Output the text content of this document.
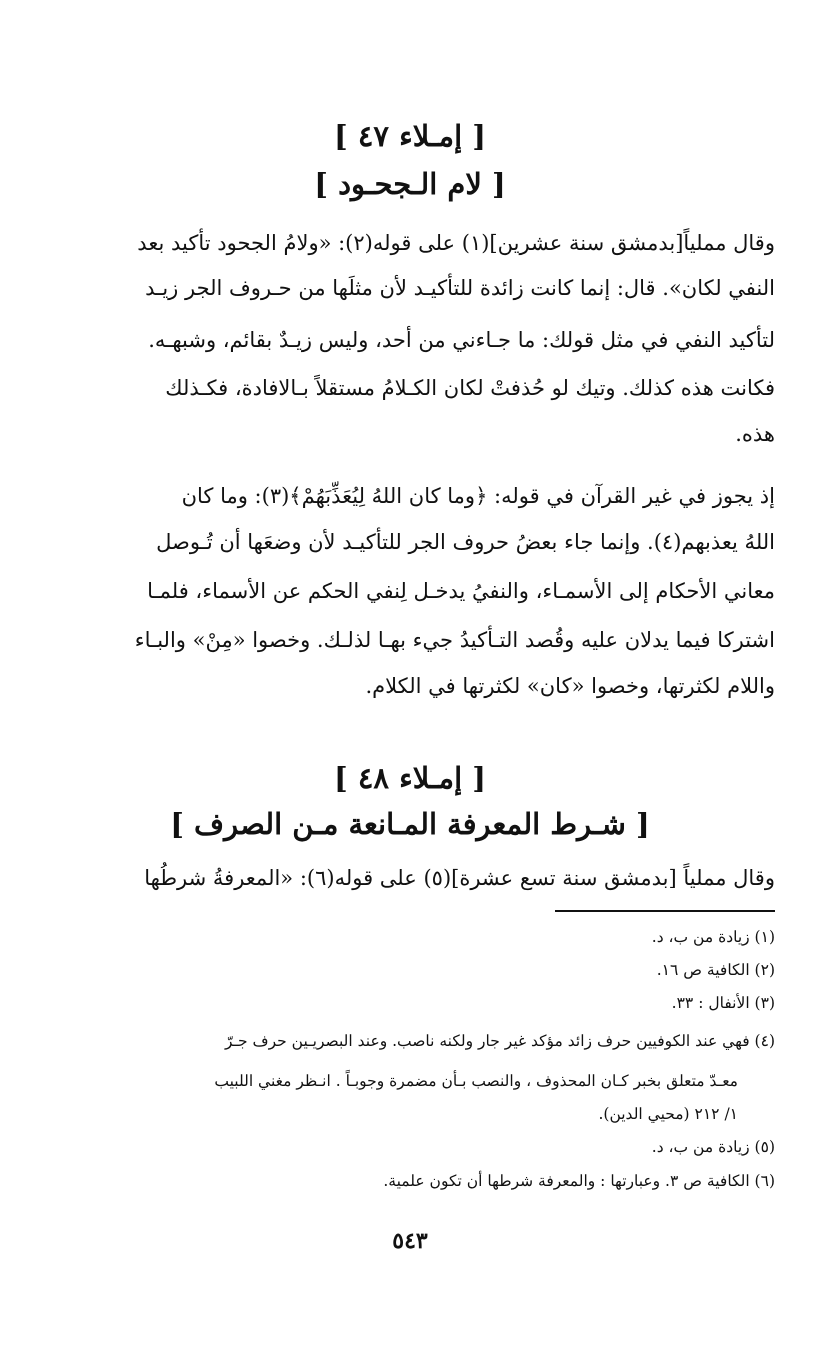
[ إمـلاء ٤٧ ]
[ لام الـجحـود ]
وقال مملياً[بدمشق سنة عشرين](١) على قوله(٢): «ولامُ الجحود تأكيد بعد
النفي لكان». قال: إنما كانت زائدة للتأكيـد لأن مثلَها من حـروف الجر زيـد
لتأكيد النفي في مثل قولك: ما جـاءني من أحد، وليس زيـدٌ بقائم، وشبهـه.
فكانت هذه كذلك. وتيك لو حُذفتْ لكان الكـلامُ مستقلاً بـالافادة، فكـذلك
هذه.
إذ يجوز في غير القرآن في قوله: ﴿وما كان اللهُ لِيُعَذِّبَهُمْ﴾(٣): وما كان
اللهُ يعذبهم(٤). وإنما جاء بعضُ حروف الجر للتأكيـد لأن وضعَها أن تُـوصل
معاني الأحكام إلى الأسمـاء، والنفيُ يدخـل لِنفي الحكم عن الأسماء، فلمـا
اشتركا فيما يدلان عليه وقُصد التـأكيدُ جيء بهـا لذلـك. وخصوا «مِنْ» والبـاء
واللام لكثرتها، وخصوا «كان» لكثرتها في الكلام.
[ إمـلاء ٤٨ ]
[ شـرط المعرفة المـانعة مـن الصرف ]
وقال مملياً [بدمشق سنة تسع عشرة](٥) على قوله(٦): «المعرفةُ شرطُها
(١) زيادة من ب، د.
(٢) الكافية ص ١٦.
(٣) الأنفال : ٣٣.
(٤) فهي عند الكوفيين حرف زائد مؤكد غير جار ولكنه ناصب. وعند البصريـين حرف جـرّ
معـدّ متعلق بخبر كـان المحذوف ، والنصب بـأن مضمرة وجوبـاً . انـظر مغني اللبيب
١/ ٢١٢ (محيي الدين).
(٥) زيادة من ب، د.
(٦) الكافية ص ٣. وعبارتها : والمعرفة شرطها أن تكون علمية.
٥٤٣
